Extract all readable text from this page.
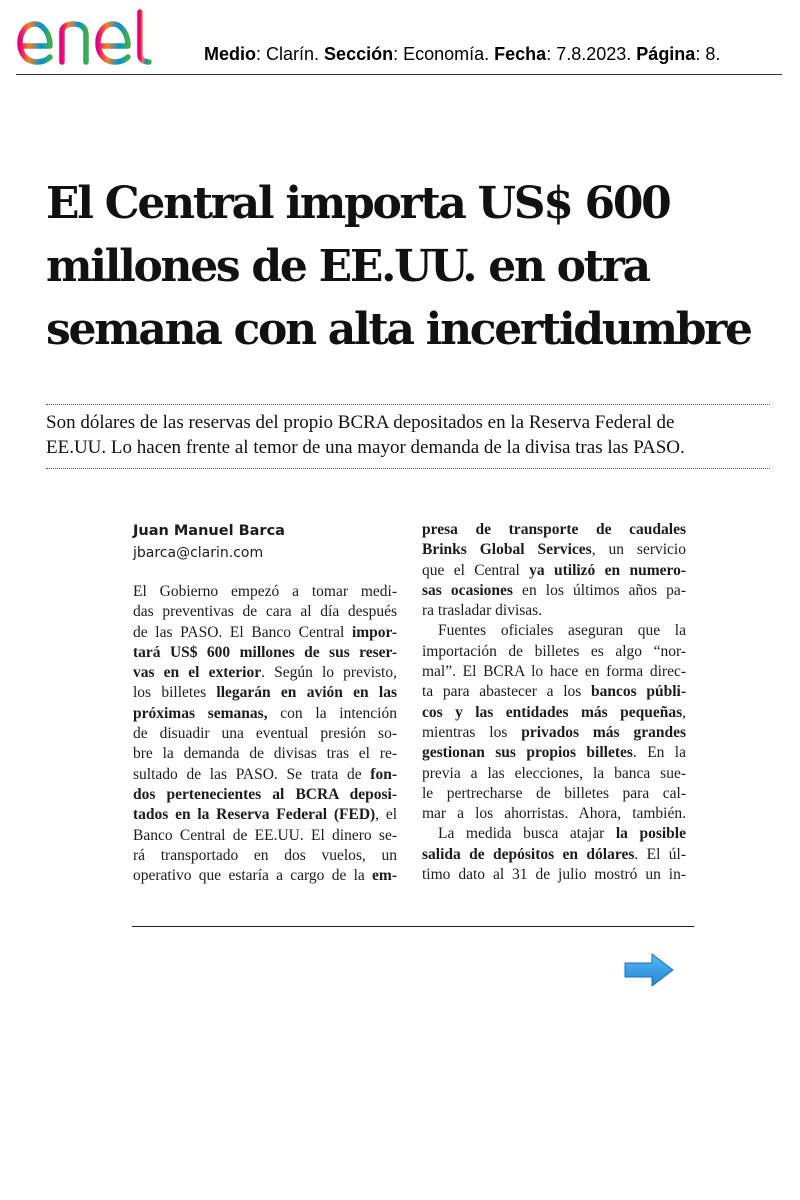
Medio: Clarín. Sección: Economía. Fecha: 7.8.2023. Página: 8.
El Central importa US$ 600
millones de EE.UU. en otra
semana con alta incertidumbre

Son dólares de las reservas del propio BCRA depositados en la Reserva Federal de
EE.UU. Lo hacen frente al temor de una mayor demanda de la divisa tras las PASO.

Juan Manuel Barca
jbarca@clarin.com
El Gobierno empezó a tomar medi-
das preventivas de cara al día después
de las PASO. El Banco Central impor-
tará US$ 600 millones de sus reser-
vas en el exterior. Según lo previsto,
los billetes llegarán en avión en las
próximas semanas, con la intención
de disuadir una eventual presión so-
bre la demanda de divisas tras el re-
sultado de las PASO. Se trata de fon-
dos pertenecientes al BCRA deposi-
tados en la Reserva Federal (FED), el
Banco Central de EE.UU. El dinero se-
rá transportado en dos vuelos, un
operativo que estaría a cargo de la em-
presa de transporte de caudales
Brinks Global Services, un servicio
que el Central ya utilizó en numero-
sas ocasiones en los últimos años pa-
ra trasladar divisas.
Fuentes oficiales aseguran que la
importación de billetes es algo “nor-
mal”. El BCRA lo hace en forma direc-
ta para abastecer a los bancos públi-
cos y las entidades más pequeñas,
mientras los privados más grandes
gestionan sus propios billetes. En la
previa a las elecciones, la banca sue-
le pertrecharse de billetes para cal-
mar a los ahorristas. Ahora, también.
La medida busca atajar la posible
salida de depósitos en dólares. El úl-
timo dato al 31 de julio mostró un in-
